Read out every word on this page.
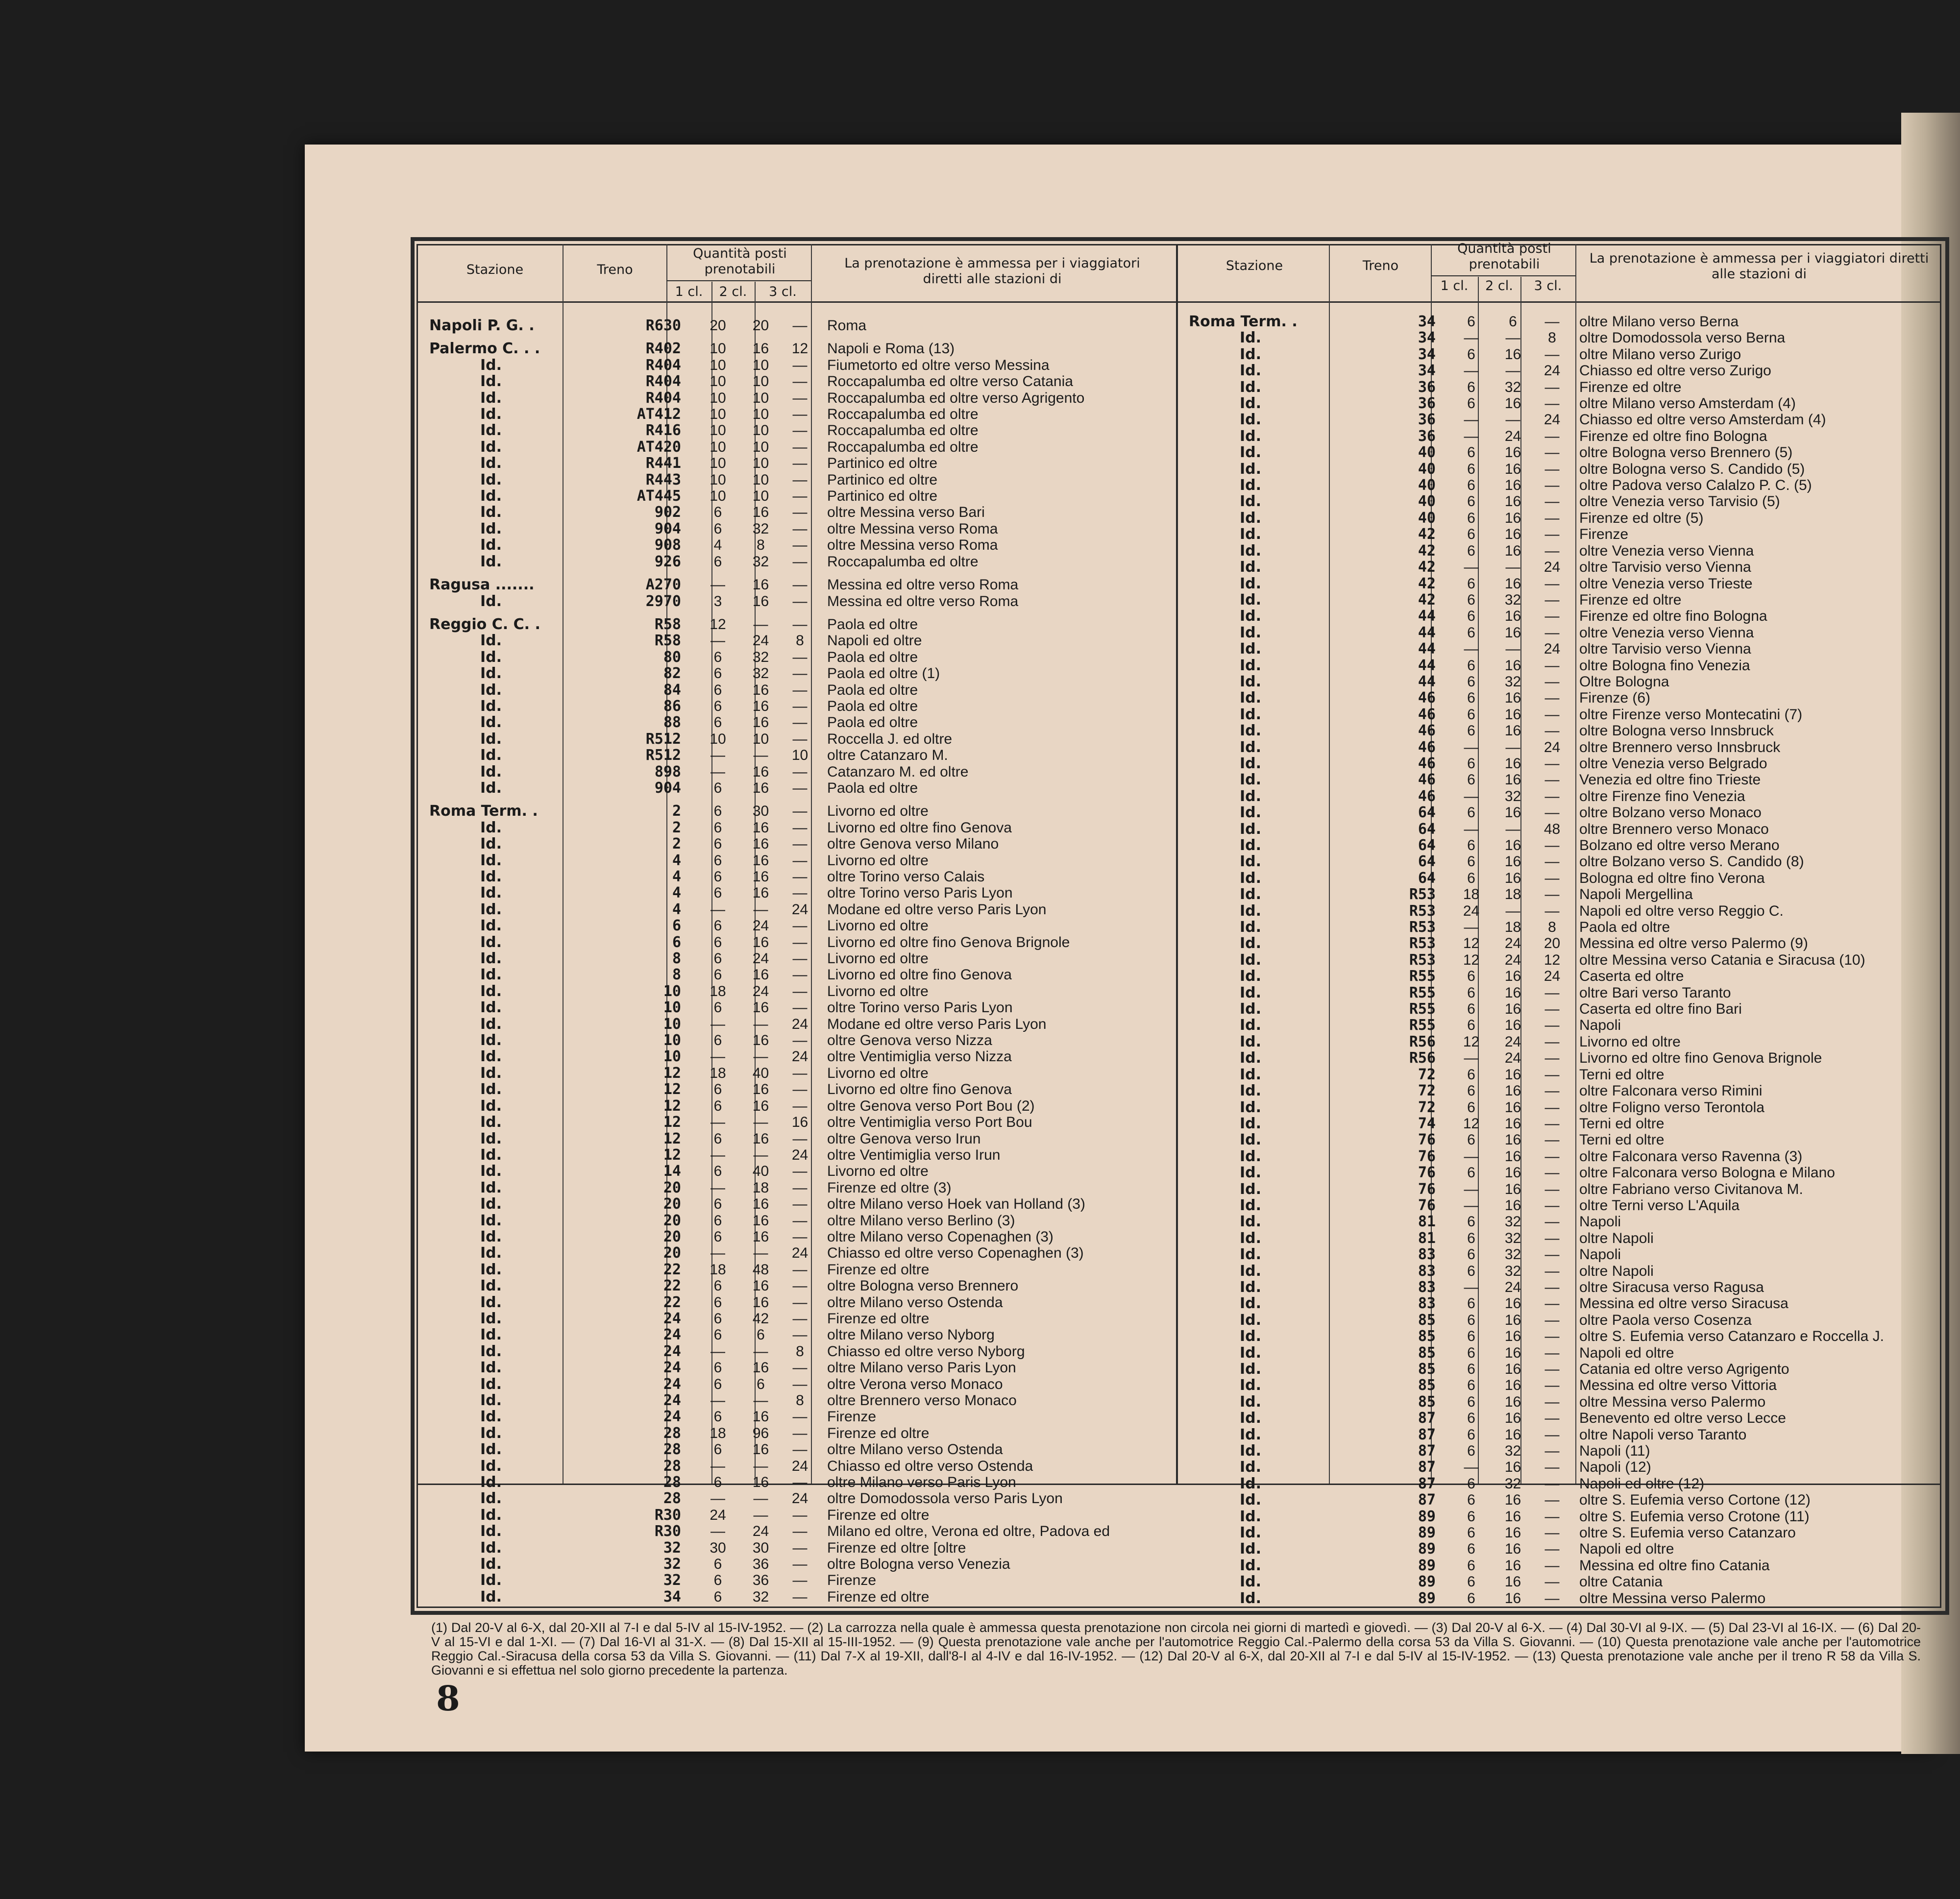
Stazione	Treno
Quantità posti prenotabili
1 cl.	2 cl.	3 cl.
La prenotazione è ammessa per i viaggiatori diretti alle stazioni di
Stazione	Treno
Quantità posti prenotabili
1 cl.	2 cl.	3 cl.
La prenotazione è ammessa per i viaggiatori diretti alle stazioni di
Napoli P. G. .	R630	20	20	—	Roma
Palermo C. . .	R402	10	16	12	Napoli e Roma (13)
Id.	R404	10	10	—	Fiumetorto ed oltre verso Messina
Id.	R404	10	10	—	Roccapalumba ed oltre verso Catania
Id.	R404	10	10	—	Roccapalumba ed oltre verso Agrigento
Id.	AT412	10	10	—	Roccapalumba ed oltre
Id.	R416	10	10	—	Roccapalumba ed oltre
Id.	AT420	10	10	—	Roccapalumba ed oltre
Id.	R441	10	10	—	Partinico ed oltre
Id.	R443	10	10	—	Partinico ed oltre
Id.	AT445	10	10	—	Partinico ed oltre
Id.	902	6	16	—	oltre Messina verso Bari
Id.	904	6	32	—	oltre Messina verso Roma
Id.	908	4	8	—	oltre Messina verso Roma
Id.	926	6	32	—	Roccapalumba ed oltre
Ragusa .......	A270	—	16	—	Messina ed oltre verso Roma
Id.	2970	3	16	—	Messina ed oltre verso Roma
Reggio C. C. .	R58	12	—	—	Paola ed oltre
Id.	R58	—	24	8	Napoli ed oltre
Id.	80	6	32	—	Paola ed oltre
Id.	82	6	32	—	Paola ed oltre (1)
Id.	84	6	16	—	Paola ed oltre
Id.	86	6	16	—	Paola ed oltre
Id.	88	6	16	—	Paola ed oltre
Id.	R512	10	10	—	Roccella J. ed oltre
Id.	R512	—	—	10	oltre Catanzaro M.
Id.	898	—	16	—	Catanzaro M. ed oltre
Id.	904	6	16	—	Paola ed oltre
Roma Term. .	2	6	30	—	Livorno ed oltre
Id.	2	6	16	—	Livorno ed oltre fino Genova
Id.	2	6	16	—	oltre Genova verso Milano
Id.	4	6	16	—	Livorno ed oltre
Id.	4	6	16	—	oltre Torino verso Calais
Id.	4	6	16	—	oltre Torino verso Paris Lyon
Id.	4	—	—	24	Modane ed oltre verso Paris Lyon
Id.	6	6	24	—	Livorno ed oltre
Id.	6	6	16	—	Livorno ed oltre fino Genova Brignole
Id.	8	6	24	—	Livorno ed oltre
Id.	8	6	16	—	Livorno ed oltre fino Genova
Id.	10	18	24	—	Livorno ed oltre
Id.	10	6	16	—	oltre Torino verso Paris Lyon
Id.	10	—	—	24	Modane ed oltre verso Paris Lyon
Id.	10	6	16	—	oltre Genova verso Nizza
Id.	10	—	—	24	oltre Ventimiglia verso Nizza
Id.	12	18	40	—	Livorno ed oltre
Id.	12	6	16	—	Livorno ed oltre fino Genova
Id.	12	6	16	—	oltre Genova verso Port Bou (2)
Id.	12	—	—	16	oltre Ventimiglia verso Port Bou
Id.	12	6	16	—	oltre Genova verso Irun
Id.	12	—	—	24	oltre Ventimiglia verso Irun
Id.	14	6	40	—	Livorno ed oltre
Id.	20	—	18	—	Firenze ed oltre (3)
Id.	20	6	16	—	oltre Milano verso Hoek van Holland (3)
Id.	20	6	16	—	oltre Milano verso Berlino (3)
Id.	20	6	16	—	oltre Milano verso Copenaghen (3)
Id.	20	—	—	24	Chiasso ed oltre verso Copenaghen (3)
Id.	22	18	48	—	Firenze ed oltre
Id.	22	6	16	—	oltre Bologna verso Brennero
Id.	22	6	16	—	oltre Milano verso Ostenda
Id.	24	6	42	—	Firenze ed oltre
Id.	24	6	6	—	oltre Milano verso Nyborg
Id.	24	—	—	8	Chiasso ed oltre verso Nyborg
Id.	24	6	16	—	oltre Milano verso Paris Lyon
Id.	24	6	6	—	oltre Verona verso Monaco
Id.	24	—	—	8	oltre Brennero verso Monaco
Id.	24	6	16	—	Firenze
Id.	28	18	96	—	Firenze ed oltre
Id.	28	6	16	—	oltre Milano verso Ostenda
Id.	28	—	—	24	Chiasso ed oltre verso Ostenda
Id.	28	6	16	—	oltre Milano verso Paris Lyon
Id.	28	—	—	24	oltre Domodossola verso Paris Lyon
Id.	R30	24	—	—	Firenze ed oltre
Id.	R30	—	24	—	Milano ed oltre, Verona ed oltre, Padova ed
Id.	32	30	30	—	Firenze ed oltre [oltre
Id.	32	6	36	—	oltre Bologna verso Venezia
Id.	32	6	36	—	Firenze
Id.	34	6	32	—	Firenze ed oltre
Roma Term. .	34	6	6	—	oltre Milano verso Berna
Id.	34	—	—	8	oltre Domodossola verso Berna
Id.	34	6	16	—	oltre Milano verso Zurigo
Id.	34	—	—	24	Chiasso ed oltre verso Zurigo
Id.	36	6	32	—	Firenze ed oltre
Id.	36	6	16	—	oltre Milano verso Amsterdam (4)
Id.	36	—	—	24	Chiasso ed oltre verso Amsterdam (4)
Id.	36	—	24	—	Firenze ed oltre fino Bologna
Id.	40	6	16	—	oltre Bologna verso Brennero (5)
Id.	40	6	16	—	oltre Bologna verso S. Candido (5)
Id.	40	6	16	—	oltre Padova verso Calalzo P. C. (5)
Id.	40	6	16	—	oltre Venezia verso Tarvisio (5)
Id.	40	6	16	—	Firenze ed oltre (5)
Id.	42	6	16	—	Firenze
Id.	42	6	16	—	oltre Venezia verso Vienna
Id.	42	—	—	24	oltre Tarvisio verso Vienna
Id.	42	6	16	—	oltre Venezia verso Trieste
Id.	42	6	32	—	Firenze ed oltre
Id.	44	6	16	—	Firenze ed oltre fino Bologna
Id.	44	6	16	—	oltre Venezia verso Vienna
Id.	44	—	—	24	oltre Tarvisio verso Vienna
Id.	44	6	16	—	oltre Bologna fino Venezia
Id.	44	6	32	—	Oltre Bologna
Id.	46	6	16	—	Firenze (6)
Id.	46	6	16	—	oltre Firenze verso Montecatini (7)
Id.	46	6	16	—	oltre Bologna verso Innsbruck
Id.	46	—	—	24	oltre Brennero verso Innsbruck
Id.	46	6	16	—	oltre Venezia verso Belgrado
Id.	46	6	16	—	Venezia ed oltre fino Trieste
Id.	46	—	32	—	oltre Firenze fino Venezia
Id.	64	6	16	—	oltre Bolzano verso Monaco
Id.	64	—	—	48	oltre Brennero verso Monaco
Id.	64	6	16	—	Bolzano ed oltre verso Merano
Id.	64	6	16	—	oltre Bolzano verso S. Candido (8)
Id.	64	6	16	—	Bologna ed oltre fino Verona
Id.	R53	18	18	—	Napoli Mergellina
Id.	R53	24	—	—	Napoli ed oltre verso Reggio C.
Id.	R53	—	18	8	Paola ed oltre
Id.	R53	12	24	20	Messina ed oltre verso Palermo (9)
Id.	R53	12	24	12	oltre Messina verso Catania e Siracusa (10)
Id.	R55	6	16	24	Caserta ed oltre
Id.	R55	6	16	—	oltre Bari verso Taranto
Id.	R55	6	16	—	Caserta ed oltre fino Bari
Id.	R55	6	16	—	Napoli
Id.	R56	12	24	—	Livorno ed oltre
Id.	R56	—	24	—	Livorno ed oltre fino Genova Brignole
Id.	72	6	16	—	Terni ed oltre
Id.	72	6	16	—	oltre Falconara verso Rimini
Id.	72	6	16	—	oltre Foligno verso Terontola
Id.	74	12	16	—	Terni ed oltre
Id.	76	6	16	—	Terni ed oltre
Id.	76	—	16	—	oltre Falconara verso Ravenna (3)
Id.	76	6	16	—	oltre Falconara verso Bologna e Milano
Id.	76	—	16	—	oltre Fabriano verso Civitanova M.
Id.	76	—	16	—	oltre Terni verso L'Aquila
Id.	81	6	32	—	Napoli
Id.	81	6	32	—	oltre Napoli
Id.	83	6	32	—	Napoli
Id.	83	6	32	—	oltre Napoli
Id.	83	—	24	—	oltre Siracusa verso Ragusa
Id.	83	6	16	—	Messina ed oltre verso Siracusa
Id.	85	6	16	—	oltre Paola verso Cosenza
Id.	85	6	16	—	oltre S. Eufemia verso Catanzaro e Roccella J.
Id.	85	6	16	—	Napoli ed oltre
Id.	85	6	16	—	Catania ed oltre verso Agrigento
Id.	85	6	16	—	Messina ed oltre verso Vittoria
Id.	85	6	16	—	oltre Messina verso Palermo
Id.	87	6	16	—	Benevento ed oltre verso Lecce
Id.	87	6	16	—	oltre Napoli verso Taranto
Id.	87	6	32	—	Napoli (11)
Id.	87	—	16	—	Napoli (12)
Id.	87	6	32	—	Napoli ed oltre (12)
Id.	87	6	16	—	oltre S. Eufemia verso Cortone (12)
Id.	89	6	16	—	oltre S. Eufemia verso Crotone (11)
Id.	89	6	16	—	oltre S. Eufemia verso Catanzaro
Id.	89	6	16	—	Napoli ed oltre
Id.	89	6	16	—	Messina ed oltre fino Catania
Id.	89	6	16	—	oltre Catania
Id.	89	6	16	—	oltre Messina verso Palermo
(1) Dal 20-V al 6-X, dal 20-XII al 7-I e dal 5-IV al 15-IV-1952. — (2) La carrozza nella quale è ammessa questa prenotazione non circola nei giorni di martedì e giovedì. — (3) Dal 20-V al 6-X. — (4) Dal 30-VI al 9-IX. — (5) Dal 23-VI al 16-IX. — (6) Dal 20-V al 15-VI e dal 1-XI. — (7) Dal 16-VI al 31-X. — (8) Dal 15-XII al 15-III-1952. — (9) Questa prenotazione vale anche per l'automotrice Reggio Cal.-Palermo della corsa 53 da Villa S. Giovanni. — (10) Questa prenotazione vale anche per l'automotrice Reggio Cal.-Siracusa della corsa 53 da Villa S. Giovanni. — (11) Dal 7-X al 19-XII, dall'8-I al 4-IV e dal 16-IV-1952. — (12) Dal 20-V al 6-X, dal 20-XII al 7-I e dal 5-IV al 15-IV-1952. — (13) Questa prenotazione vale anche per il treno R 58 da Villa S. Giovanni e si effettua nel solo giorno precedente la partenza.
8
